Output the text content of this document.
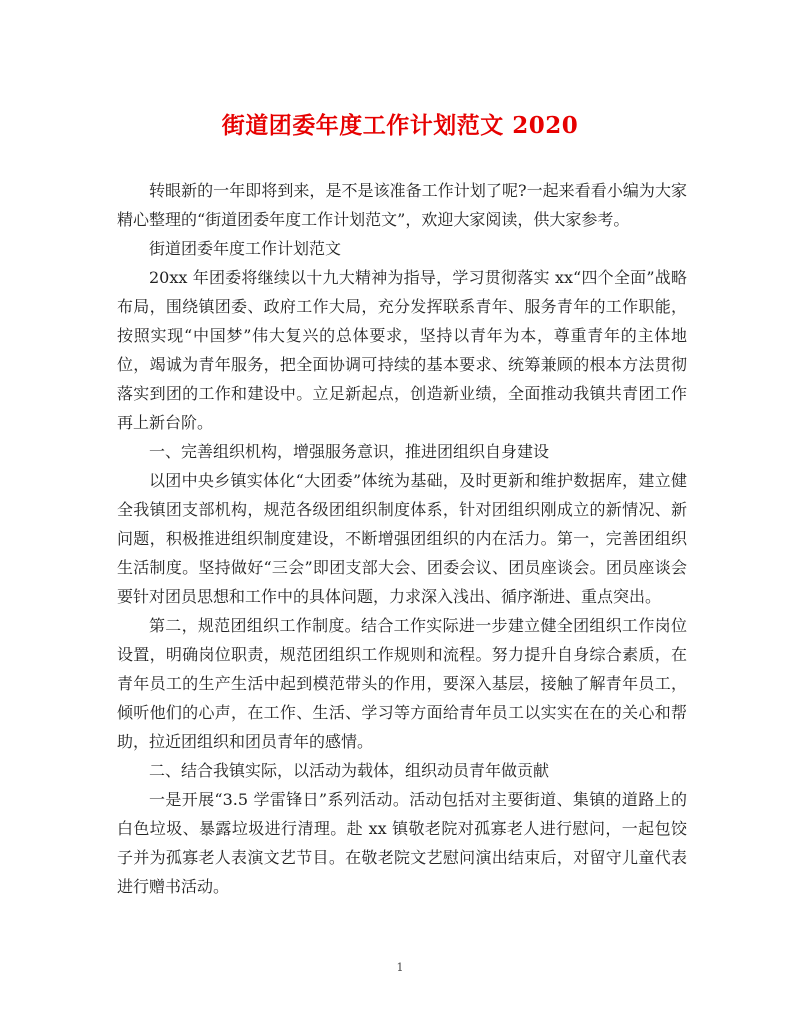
街道团委年度工作计划范文 2020

转眼新的一年即将到来，是不是该准备工作计划了呢?一起来看看小编为大家精心整理的“街道团委年度工作计划范文”，欢迎大家阅读，供大家参考。

街道团委年度工作计划范文

20xx 年团委将继续以十九大精神为指导，学习贯彻落实 xx“四个全面”战略布局，围绕镇团委、政府工作大局，充分发挥联系青年、服务青年的工作职能，按照实现“中国梦”伟大复兴的总体要求，坚持以青年为本，尊重青年的主体地位，竭诚为青年服务，把全面协调可持续的基本要求、统筹兼顾的根本方法贯彻落实到团的工作和建设中。立足新起点，创造新业绩，全面推动我镇共青团工作再上新台阶。

一、完善组织机构，增强服务意识，推进团组织自身建设

以团中央乡镇实体化“大团委”体统为基础，及时更新和维护数据库，建立健全我镇团支部机构，规范各级团组织制度体系，针对团组织刚成立的新情况、新问题，积极推进组织制度建设，不断增强团组织的内在活力。第一，完善团组织生活制度。坚持做好“三会”即团支部大会、团委会议、团员座谈会。团员座谈会要针对团员思想和工作中的具体问题，力求深入浅出、循序渐进、重点突出。

第二，规范团组织工作制度。结合工作实际进一步建立健全团组织工作岗位设置，明确岗位职责，规范团组织工作规则和流程。努力提升自身综合素质，在青年员工的生产生活中起到模范带头的作用，要深入基层，接触了解青年员工，倾听他们的心声，在工作、生活、学习等方面给青年员工以实实在在的关心和帮助，拉近团组织和团员青年的感情。

二、结合我镇实际，以活动为载体，组织动员青年做贡献

一是开展“3.5 学雷锋日”系列活动。活动包括对主要街道、集镇的道路上的白色垃圾、暴露垃圾进行清理。赴 xx 镇敬老院对孤寡老人进行慰问，一起包饺子并为孤寡老人表演文艺节目。在敬老院文艺慰问演出结束后，对留守儿童代表进行赠书活动。

1
